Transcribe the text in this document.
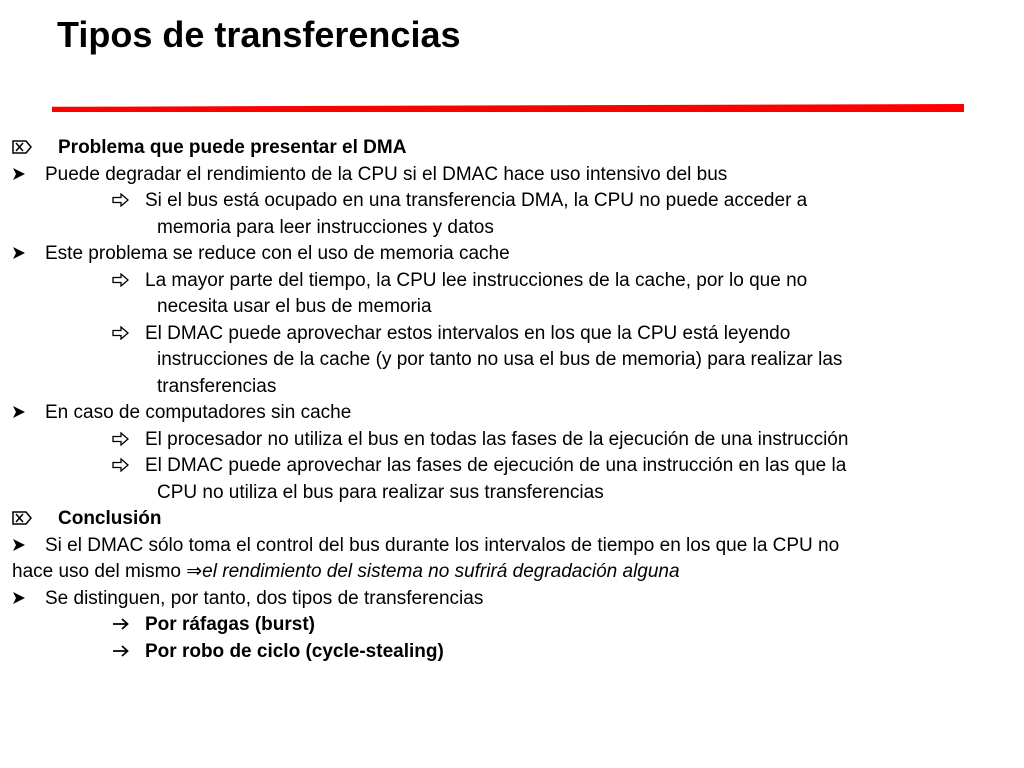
Tipos de transferencias
Problema que puede presentar el DMA
Puede degradar el rendimiento de la CPU si el DMAC hace uso intensivo del bus
Si el bus está ocupado en una transferencia DMA, la CPU no puede acceder a
memoria para leer instrucciones y datos
Este problema se reduce con el uso de memoria cache
La mayor parte del tiempo, la CPU lee instrucciones de la cache, por lo que no
necesita usar el bus de memoria
El DMAC puede aprovechar estos intervalos en los que la CPU está leyendo
instrucciones de la cache (y por tanto no usa el bus de memoria) para realizar las
transferencias
En caso de computadores sin cache
El procesador no utiliza el bus en todas las fases de la ejecución de una instrucción
El DMAC puede aprovechar las fases de ejecución de una instrucción en las que la
CPU no utiliza el bus para realizar sus transferencias
Conclusión
Si el DMAC sólo toma el control del bus durante los intervalos de tiempo en los que la CPU no
hace uso del mismo ⇒el rendimiento del sistema no sufrirá degradación alguna
Se distinguen, por tanto, dos tipos de transferencias
Por ráfagas (burst)
Por robo de ciclo (cycle-stealing)
